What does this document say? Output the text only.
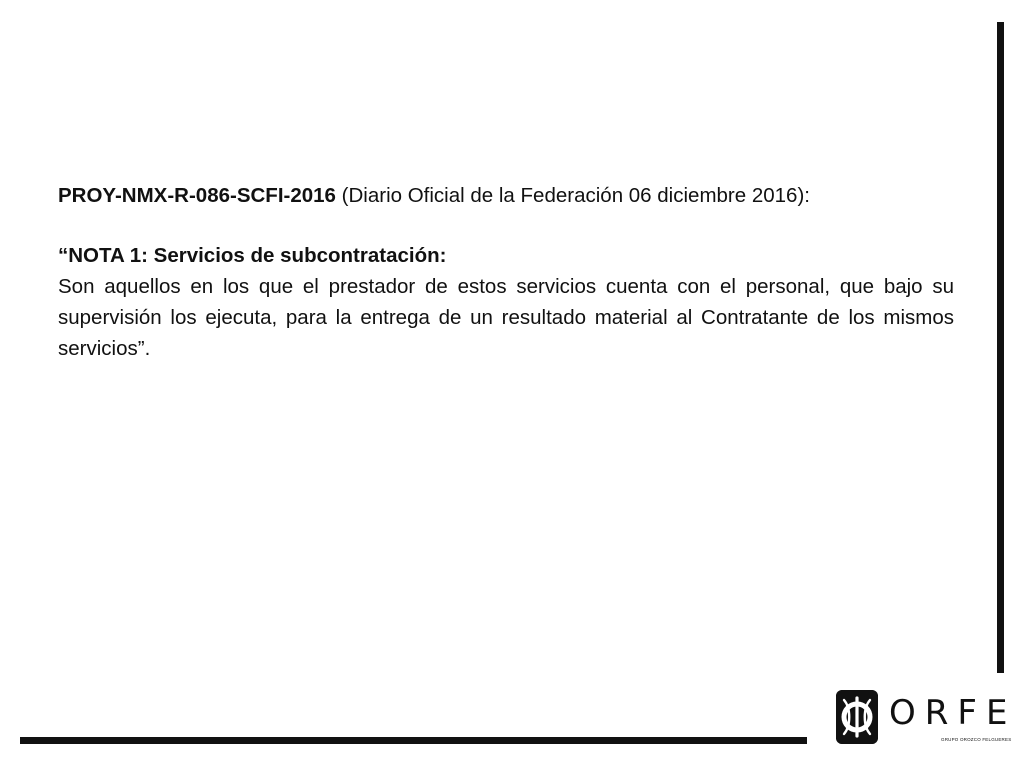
PROY-NMX-R-086-SCFI-2016 (Diario Oficial de la Federación 06 diciembre 2016):

“NOTA 1: Servicios de subcontratación:

Son aquellos en los que el prestador de estos servicios cuenta con el personal, que bajo su supervisión los ejecuta, para la entrega de un resultado material al Contratante de los mismos servicios”.

O R F E
GRUPO OROZCO FELGUERES
